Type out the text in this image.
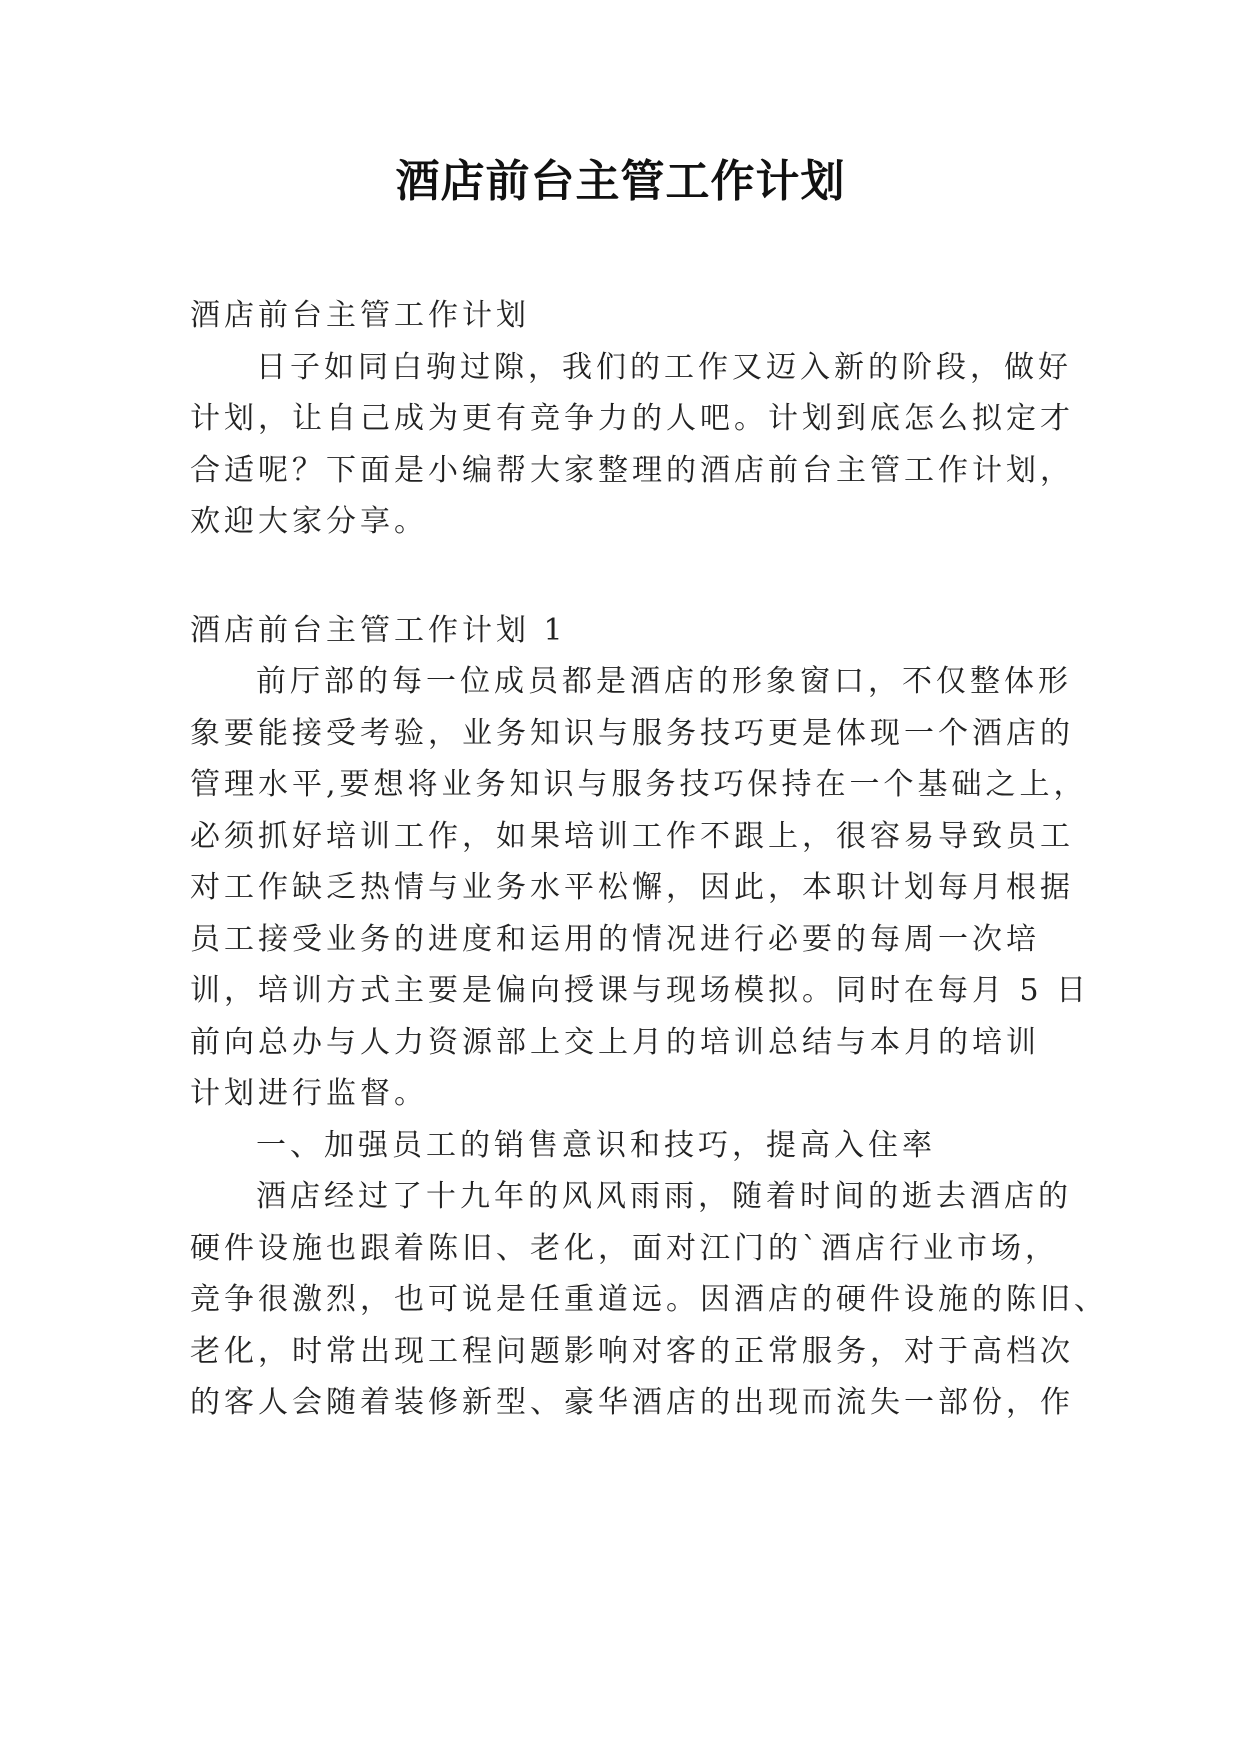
酒店前台主管工作计划
酒店前台主管工作计划
日子如同白驹过隙，我们的工作又迈入新的阶段，做好
计划，让自己成为更有竞争力的人吧。计划到底怎么拟定才
合适呢？下面是小编帮大家整理的酒店前台主管工作计划，
欢迎大家分享。
酒店前台主管工作计划 1
前厅部的每一位成员都是酒店的形象窗口，不仅整体形
象要能接受考验，业务知识与服务技巧更是体现一个酒店的
管理水平,要想将业务知识与服务技巧保持在一个基础之上，
必须抓好培训工作，如果培训工作不跟上，很容易导致员工
对工作缺乏热情与业务水平松懈，因此，本职计划每月根据
员工接受业务的进度和运用的情况进行必要的每周一次培
训，培训方式主要是偏向授课与现场模拟。同时在每月 5 日
前向总办与人力资源部上交上月的培训总结与本月的培训
计划进行监督。
一、加强员工的销售意识和技巧，提高入住率
酒店经过了十九年的风风雨雨，随着时间的逝去酒店的
硬件设施也跟着陈旧、老化，面对江门的`酒店行业市场，
竞争很激烈，也可说是任重道远。因酒店的硬件设施的陈旧、
老化，时常出现工程问题影响对客的正常服务，对于高档次
的客人会随着装修新型、豪华酒店的出现而流失一部份，作
